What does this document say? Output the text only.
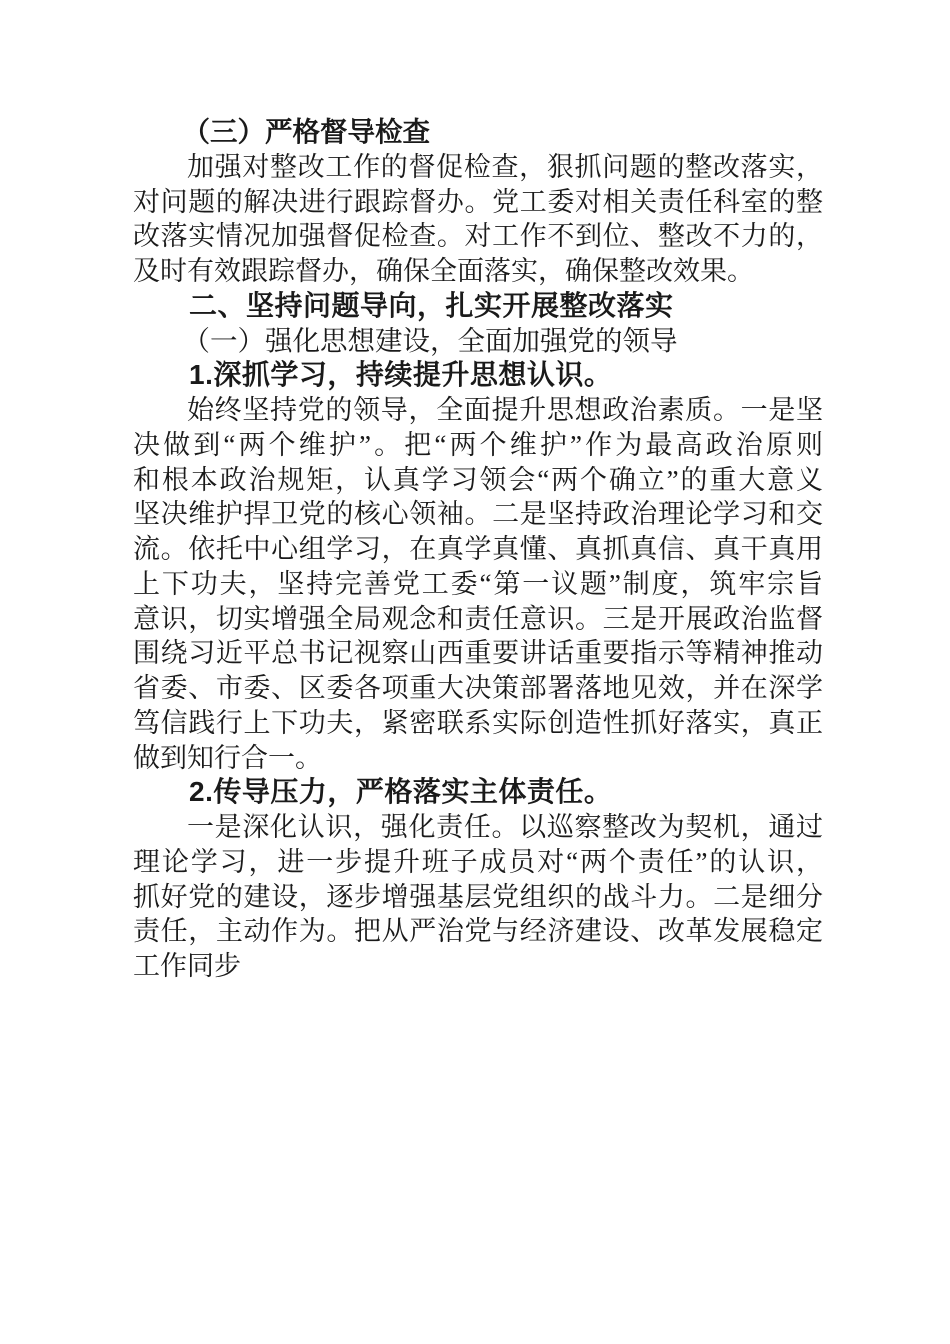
（三）严格督导检查
加强对整改工作的督促检查，狠抓问题的整改落实，
对问题的解决进行跟踪督办。党工委对相关责任科室的整
改落实情况加强督促检查。对工作不到位、整改不力的，
及时有效跟踪督办，确保全面落实，确保整改效果。
二、坚持问题导向，扎实开展整改落实
（一）强化思想建设，全面加强党的领导
1.深抓学习，持续提升思想认识。
始终坚持党的领导，全面提升思想政治素质。一是坚
决做到“两个维护”。把“两个维护”作为最高政治原则
和根本政治规矩，认真学习领会“两个确立”的重大意义
坚决维护捍卫党的核心领袖。二是坚持政治理论学习和交
流。依托中心组学习，在真学真懂、真抓真信、真干真用
上下功夫，坚持完善党工委“第一议题”制度，筑牢宗旨
意识，切实增强全局观念和责任意识。三是开展政治监督
围绕习近平总书记视察山西重要讲话重要指示等精神推动
省委、市委、区委各项重大决策部署落地见效，并在深学
笃信践行上下功夫，紧密联系实际创造性抓好落实，真正
做到知行合一。
2.传导压力，严格落实主体责任。
一是深化认识，强化责任。以巡察整改为契机，通过
理论学习，进一步提升班子成员对“两个责任”的认识，
抓好党的建设，逐步增强基层党组织的战斗力。二是细分
责任，主动作为。把从严治党与经济建设、改革发展稳定
工作同步
